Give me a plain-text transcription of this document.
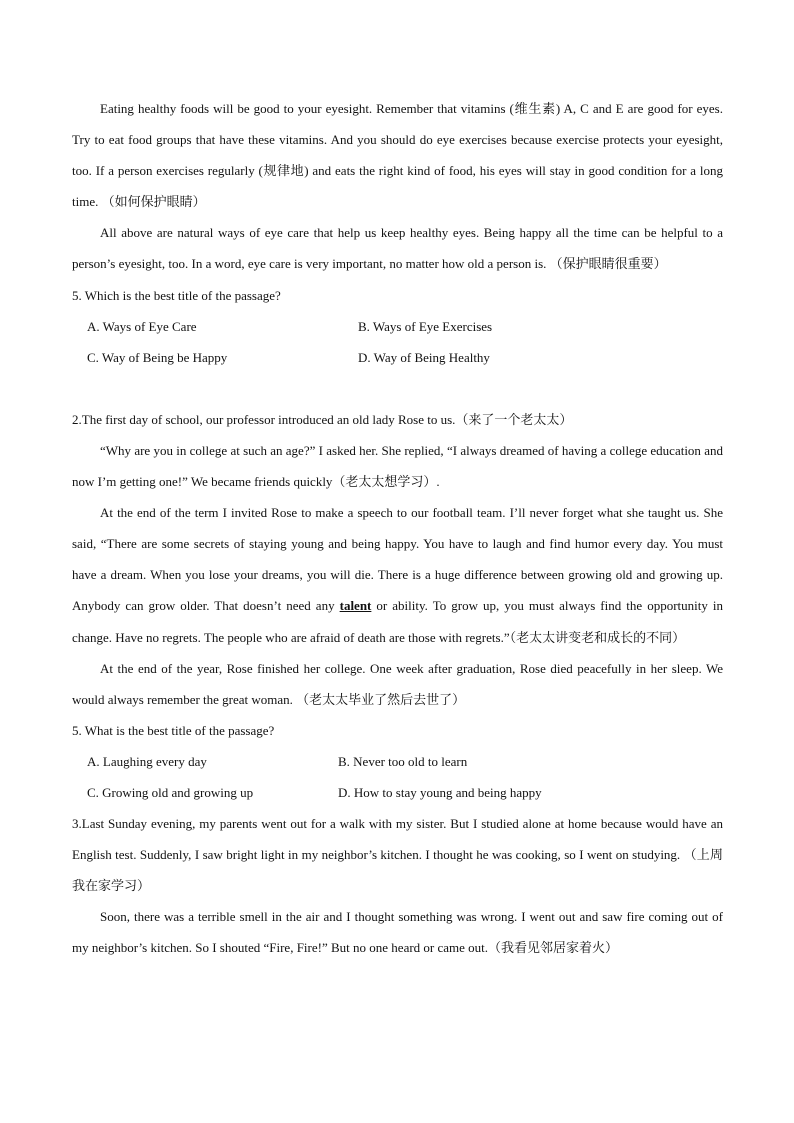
Eating healthy foods will be good to your eyesight. Remember that vitamins (维生素) A, C and E are good for eyes. Try to eat food groups that have these vitamins. And you should do eye exercises because exercise protects your eyesight, too. If a person exercises regularly (规律地) and eats the right kind of food, his eyes will stay in good condition for a long time. （如何保护眼睛）

All above are natural ways of eye care that help us keep healthy eyes. Being happy all the time can be helpful to a person’s eyesight, too. In a word, eye care is very important, no matter how old a person is. （保护眼睛很重要）

5. Which is the best title of the passage?

A. Ways of Eye Care	B. Ways of Eye Exercises
C. Way of Being be Happy	D. Way of Being Healthy

2.The first day of school, our professor introduced an old lady Rose to us.（来了一个老太太）

“Why are you in college at such an age?” I asked her. She replied, “I always dreamed of having a college education and now I’m getting one!” We became friends quickly（老太太想学习）.

At the end of the term I invited Rose to make a speech to our football team. I’ll never forget what she taught us. She said, “There are some secrets of staying young and being happy. You have to laugh and find humor every day. You must have a dream. When you lose your dreams, you will die. There is a huge difference between growing old and growing up. Anybody can grow older. That doesn’t need any talent or ability. To grow up, you must always find the opportunity in change. Have no regrets. The people who are afraid of death are those with regrets.”（老太太讲变老和成长的不同）

At the end of the year, Rose finished her college. One week after graduation, Rose died peacefully in her sleep. We would always remember the great woman. （老太太毕业了然后去世了）

5. What is the best title of the passage?

A. Laughing every day	B. Never too old to learn
C. Growing old and growing up	D. How to stay young and being happy

3.Last Sunday evening, my parents went out for a walk with my sister. But I studied alone at home because would have an English test. Suddenly, I saw bright light in my neighbor’s kitchen. I thought he was cooking, so I went on studying. （上周我在家学习）

Soon, there was a terrible smell in the air and I thought something was wrong. I went out and saw fire coming out of my neighbor’s kitchen. So I shouted “Fire, Fire!” But no one heard or came out.（我看见邻居家着火）
